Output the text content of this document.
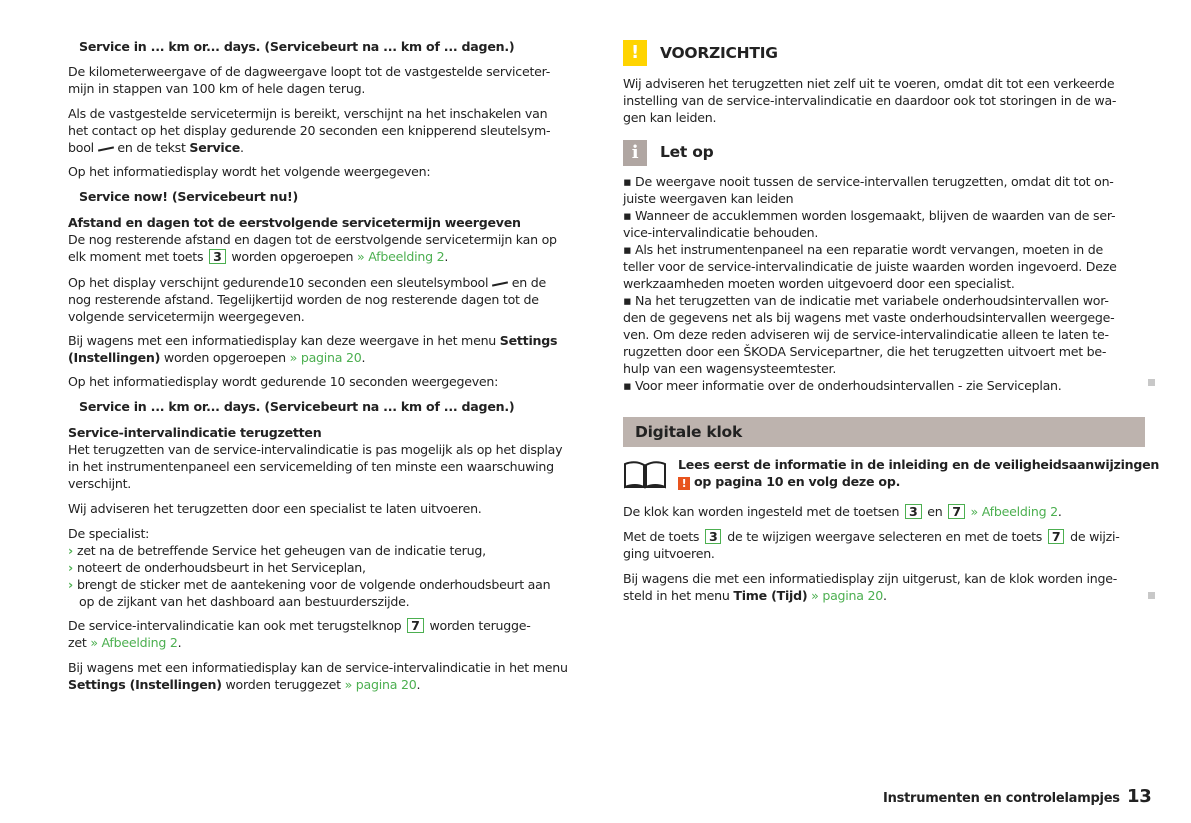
Service in ... km or... days. (Servicebeurt na ... km of ... dagen.)
De kilometerweergave of de dagweergave loopt tot de vastgestelde serviceter-
mijn in stappen van 100 km of hele dagen terug.
Als de vastgestelde servicetermijn is bereikt, verschijnt na het inschakelen van
het contact op het display gedurende 20 seconden een knipperend sleutelsym-
bool  en de tekst Service.
Op het informatiedisplay wordt het volgende weergegeven:
Service now! (Servicebeurt nu!)
Afstand en dagen tot de eerstvolgende servicetermijn weergeven
De nog resterende afstand en dagen tot de eerstvolgende servicetermijn kan op
elk moment met toets 3 worden opgeroepen » Afbeelding 2.
Op het display verschijnt gedurende10 seconden een sleutelsymbool  en de
nog resterende afstand. Tegelijkertijd worden de nog resterende dagen tot de
volgende servicetermijn weergegeven.
Bij wagens met een informatiedisplay kan deze weergave in het menu Settings
(Instellingen) worden opgeroepen » pagina 20.
Op het informatiedisplay wordt gedurende 10 seconden weergegeven:
Service in ... km or... days. (Servicebeurt na ... km of ... dagen.)
Service-intervalindicatie terugzetten
Het terugzetten van de service-intervalindicatie is pas mogelijk als op het display
in het instrumentenpaneel een servicemelding of ten minste een waarschuwing
verschijnt.
Wij adviseren het terugzetten door een specialist te laten uitvoeren.
De specialist:
› zet na de betreffende Service het geheugen van de indicatie terug,
› noteert de onderhoudsbeurt in het Serviceplan,
› brengt de sticker met de aantekening voor de volgende onderhoudsbeurt aan
op de zijkant van het dashboard aan bestuurderszijde.
De service-intervalindicatie kan ook met terugstelknop 7 worden terugge-
zet » Afbeelding 2.
Bij wagens met een informatiedisplay kan de service-intervalindicatie in het menu
Settings (Instellingen) worden teruggezet » pagina 20.
Wij adviseren het terugzetten niet zelf uit te voeren, omdat dit tot een verkeerde
instelling van de service-intervalindicatie en daardoor ook tot storingen in de wa-
gen kan leiden.
▪ De weergave nooit tussen de service-intervallen terugzetten, omdat dit tot on-
juiste weergaven kan leiden
▪ Wanneer de accuklemmen worden losgemaakt, blijven de waarden van de ser-
vice-intervalindicatie behouden.
▪ Als het instrumentenpaneel na een reparatie wordt vervangen, moeten in de
teller voor de service-intervalindicatie de juiste waarden worden ingevoerd. Deze
werkzaamheden moeten worden uitgevoerd door een specialist.
▪ Na het terugzetten van de indicatie met variabele onderhoudsintervallen wor-
den de gegevens net als bij wagens met vaste onderhoudsintervallen weergege-
ven. Om deze reden adviseren wij de service-intervalindicatie alleen te laten te-
rugzetten door een ŠKODA Servicepartner, die het terugzetten uitvoert met be-
hulp van een wagensysteemtester.
▪ Voor meer informatie over de onderhoudsintervallen - zie Serviceplan.
De klok kan worden ingesteld met de toetsen 3 en 7 » Afbeelding 2.
Met de toets 3 de te wijzigen weergave selecteren en met de toets 7 de wijzi-
ging uitvoeren.
Bij wagens die met een informatiedisplay zijn uitgerust, kan de klok worden inge-
steld in het menu Time (Tijd) » pagina 20.
!	VOORZICHTIG
i	Let op
Digitale klok
Lees eerst de informatie in de inleiding en de veiligheidsaanwijzingen
! op pagina 10 en volg deze op.
Instrumenten en controlelampjes 13
